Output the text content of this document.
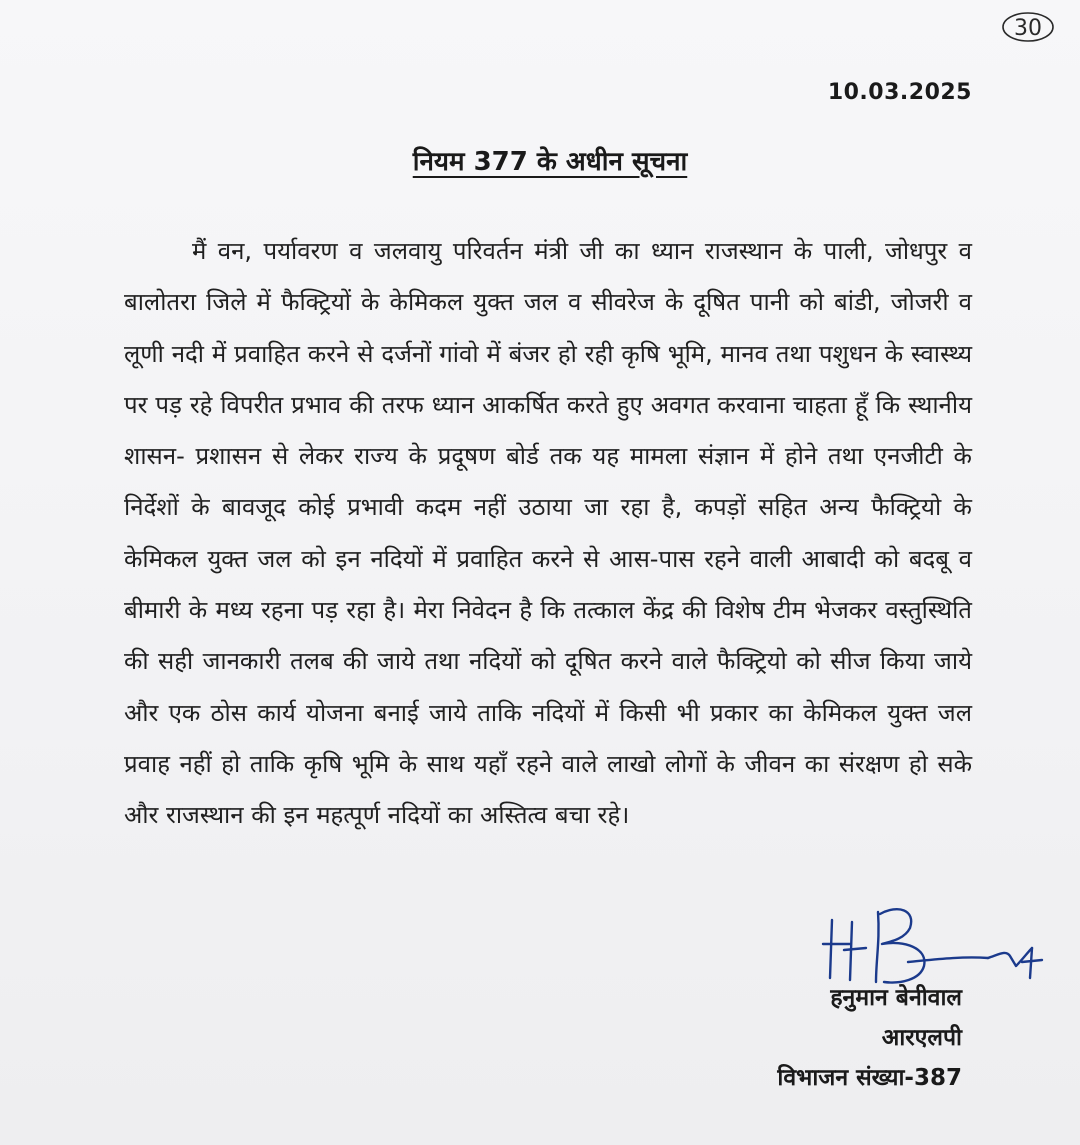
30
10.03.2025
नियम 377 के अधीन सूचना

मैं वन, पर्यावरण व जलवायु परिवर्तन मंत्री जी का ध्यान राजस्थान के पाली, जोधपुर व बालोतरा जिले में फैक्ट्रियों के केमिकल युक्त जल व सीवरेज के दूषित पानी को बांडी, जोजरी व लूणी नदी में प्रवाहित करने से दर्जनों गांवो में बंजर हो रही कृषि भूमि, मानव तथा पशुधन के स्वास्थ्य पर पड़ रहे विपरीत प्रभाव की तरफ ध्यान आकर्षित करते हुए अवगत करवाना चाहता हूँ कि स्थानीय शासन- प्रशासन से लेकर राज्य के प्रदूषण बोर्ड तक यह मामला संज्ञान में होने तथा एनजीटी के निर्देशों के बावजूद कोई प्रभावी कदम नहीं उठाया जा रहा है, कपड़ों सहित अन्य फैक्ट्रियो के केमिकल युक्त जल को इन नदियों में प्रवाहित करने से आस-पास रहने वाली आबादी को बदबू व बीमारी के मध्य रहना पड़ रहा है। मेरा निवेदन है कि तत्काल केंद्र की विशेष टीम भेजकर वस्तुस्थिति की सही जानकारी तलब की जाये तथा नदियों को दूषित करने वाले फैक्ट्रियो को सीज किया जाये और एक ठोस कार्य योजना बनाई जाये ताकि नदियों में किसी भी प्रकार का केमिकल युक्त जल प्रवाह नहीं हो ताकि कृषि भूमि के साथ यहाँ रहने वाले लाखो लोगों के जीवन का संरक्षण हो सके और राजस्थान की इन महत्पूर्ण नदियों का अस्तित्व बचा रहे।

हनुमान बेनीवाल
आरएलपी
विभाजन संख्या-387
